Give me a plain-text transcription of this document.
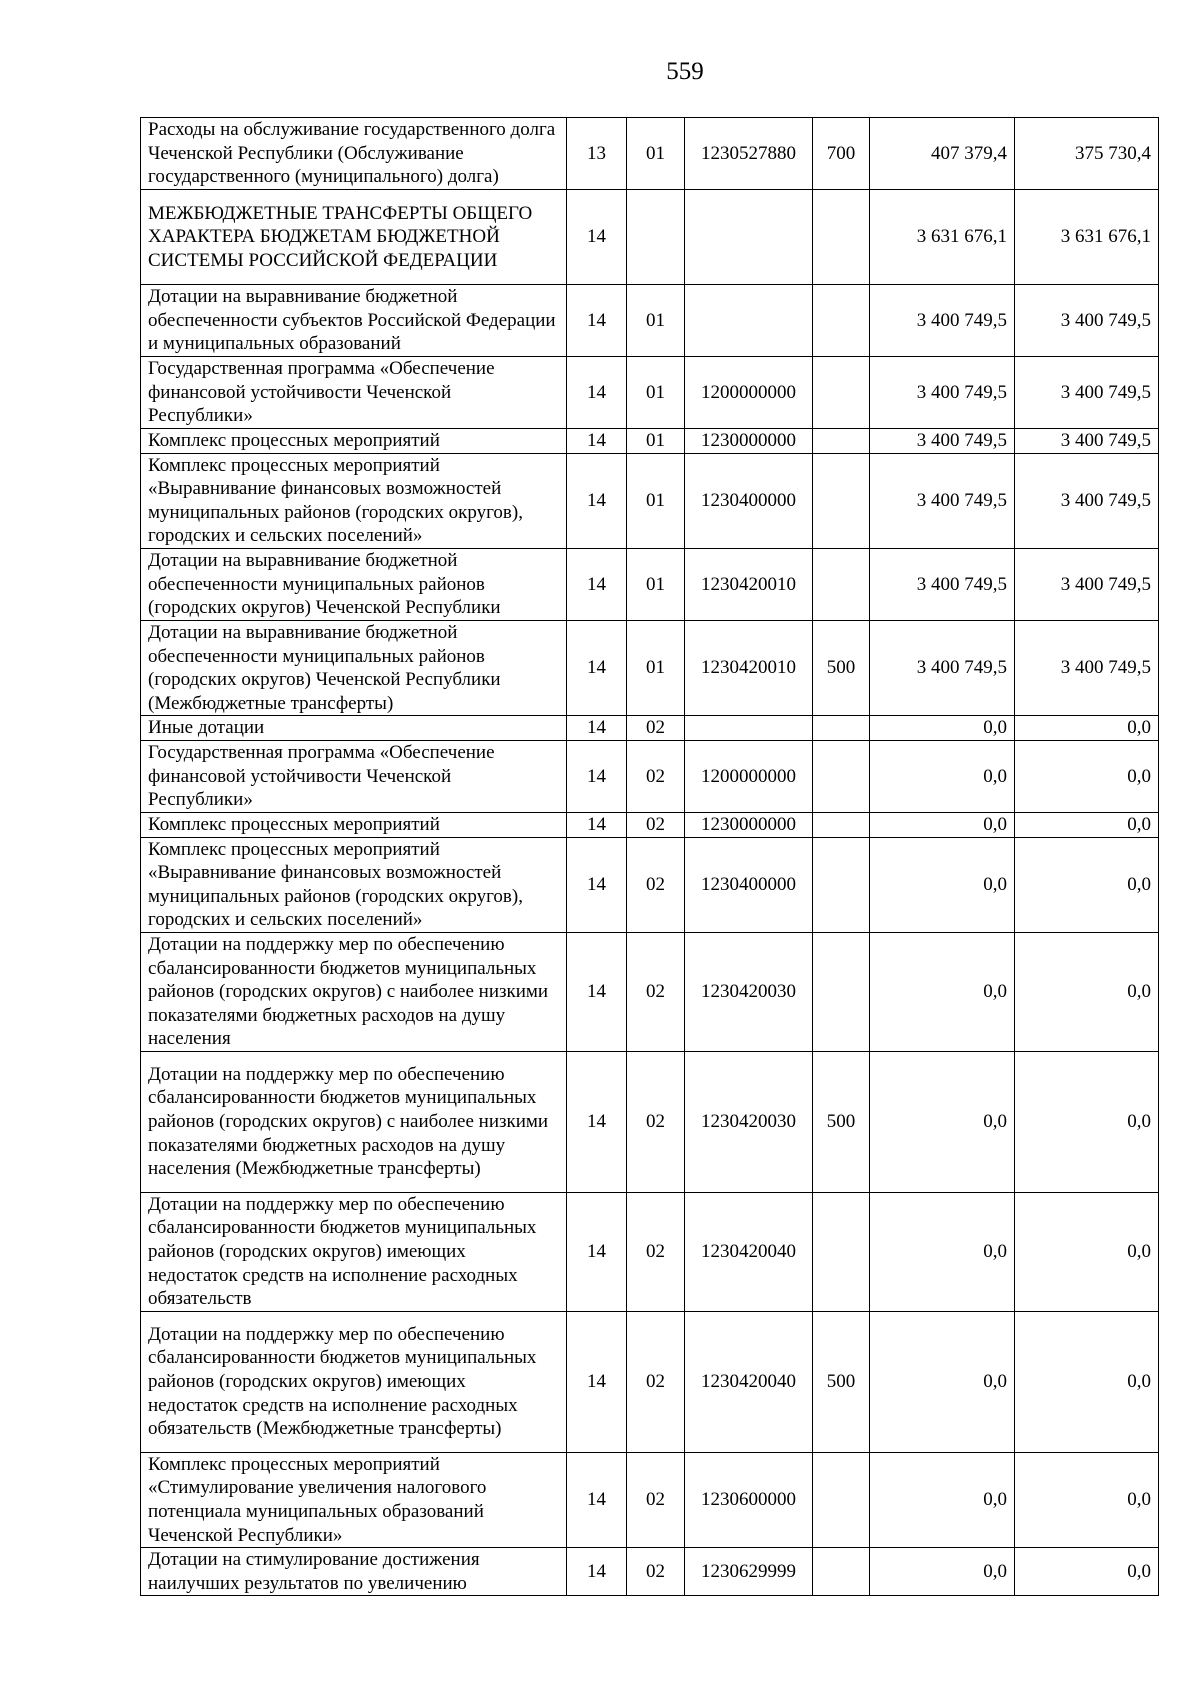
559
Расходы на обслуживание государственного долга Чеченской Республики (Обслуживание государственного (муниципального) долга)	13	01	1230527880	700	407 379,4	375 730,4
МЕЖБЮДЖЕТНЫЕ ТРАНСФЕРТЫ ОБЩЕГО ХАРАКТЕРА БЮДЖЕТАМ БЮДЖЕТНОЙ СИСТЕМЫ РОССИЙСКОЙ ФЕДЕРАЦИИ	14				3 631 676,1	3 631 676,1
Дотации на выравнивание бюджетной обеспеченности субъектов Российской Федерации и муниципальных образований	14	01			3 400 749,5	3 400 749,5
Государственная программа «Обеспечение финансовой устойчивости Чеченской Республики»	14	01	1200000000		3 400 749,5	3 400 749,5
Комплекс процессных мероприятий	14	01	1230000000		3 400 749,5	3 400 749,5
Комплекс процессных мероприятий «Выравнивание финансовых возможностей муниципальных районов (городских округов), городских и сельских поселений»	14	01	1230400000		3 400 749,5	3 400 749,5
Дотации на выравнивание бюджетной обеспеченности муниципальных районов (городских округов) Чеченской Республики	14	01	1230420010		3 400 749,5	3 400 749,5
Дотации на выравнивание бюджетной обеспеченности муниципальных районов (городских округов) Чеченской Республики (Межбюджетные трансферты)	14	01	1230420010	500	3 400 749,5	3 400 749,5
Иные дотации	14	02			0,0	0,0
Государственная программа «Обеспечение финансовой устойчивости Чеченской Республики»	14	02	1200000000		0,0	0,0
Комплекс процессных мероприятий	14	02	1230000000		0,0	0,0
Комплекс процессных мероприятий «Выравнивание финансовых возможностей муниципальных районов (городских округов), городских и сельских поселений»	14	02	1230400000		0,0	0,0
Дотации на поддержку мер по обеспечению сбалансированности бюджетов муниципальных районов (городских округов) с наиболее низкими показателями бюджетных расходов на душу населения	14	02	1230420030		0,0	0,0
Дотации на поддержку мер по обеспечению сбалансированности бюджетов муниципальных районов (городских округов) с наиболее низкими показателями бюджетных расходов на душу населения (Межбюджетные трансферты)	14	02	1230420030	500	0,0	0,0
Дотации на поддержку мер по обеспечению сбалансированности бюджетов муниципальных районов (городских округов) имеющих недостаток средств на исполнение расходных обязательств	14	02	1230420040		0,0	0,0
Дотации на поддержку мер по обеспечению сбалансированности бюджетов муниципальных районов (городских округов) имеющих недостаток средств на исполнение расходных обязательств (Межбюджетные трансферты)	14	02	1230420040	500	0,0	0,0
Комплекс процессных мероприятий «Стимулирование увеличения налогового потенциала муниципальных образований Чеченской Республики»	14	02	1230600000		0,0	0,0
Дотации на стимулирование достижения наилучших результатов по увеличению	14	02	1230629999		0,0	0,0
